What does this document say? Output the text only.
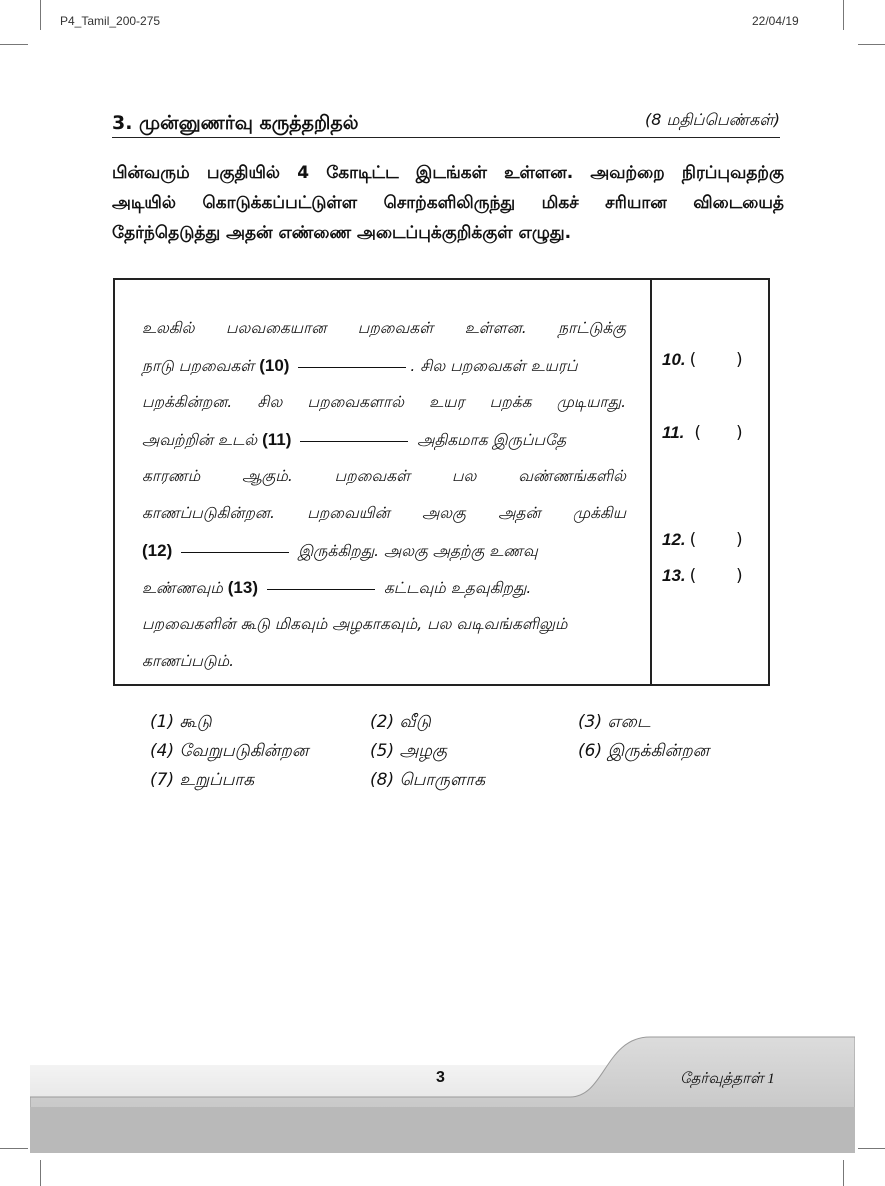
P4_Tamil_200-275	22/04/19
3. முன்னுணர்வு கருத்தறிதல்	(8 மதிப்பெண்கள்)
பின்வரும் பகுதியில் 4 கோடிட்ட இடங்கள் உள்ளன. அவற்றை நிரப்புவதற்கு
அடியில் கொடுக்கப்பட்டுள்ள சொற்களிலிருந்து மிகச் சரியான விடையைத்
தேர்ந்தெடுத்து அதன் எண்ணை அடைப்புக்குறிக்குள் எழுது.
உலகில் பலவகையான பறவைகள் உள்ளன. நாட்டுக்கு
நாடு பறவைகள் (10)	. சில பறவைகள் உயரப்
பறக்கின்றன. சில பறவைகளால் உயர பறக்க முடியாது.
அவற்றின் உடல் (11)	அதிகமாக இருப்பதே
காரணம் ஆகும். பறவைகள் பல வண்ணங்களில்
காணப்படுகின்றன. பறவையின் அலகு அதன் முக்கிய
(12)	இருக்கிறது. அலகு அதற்கு உணவு
உண்ணவும் (13)	கட்டவும் உதவுகிறது.
பறவைகளின் கூடு மிகவும் அழகாகவும், பல வடிவங்களிலும்
காணப்படும்.
10. ( )
11. ( )
12. ( )
13. ( )
(1) கூடு	(2) வீடு	(3) எடை
(4) வேறுபடுகின்றன	(5) அழகு	(6) இருக்கின்றன
(7) உறுப்பாக	(8) பொருளாக
3	தேர்வுத்தாள் 1
